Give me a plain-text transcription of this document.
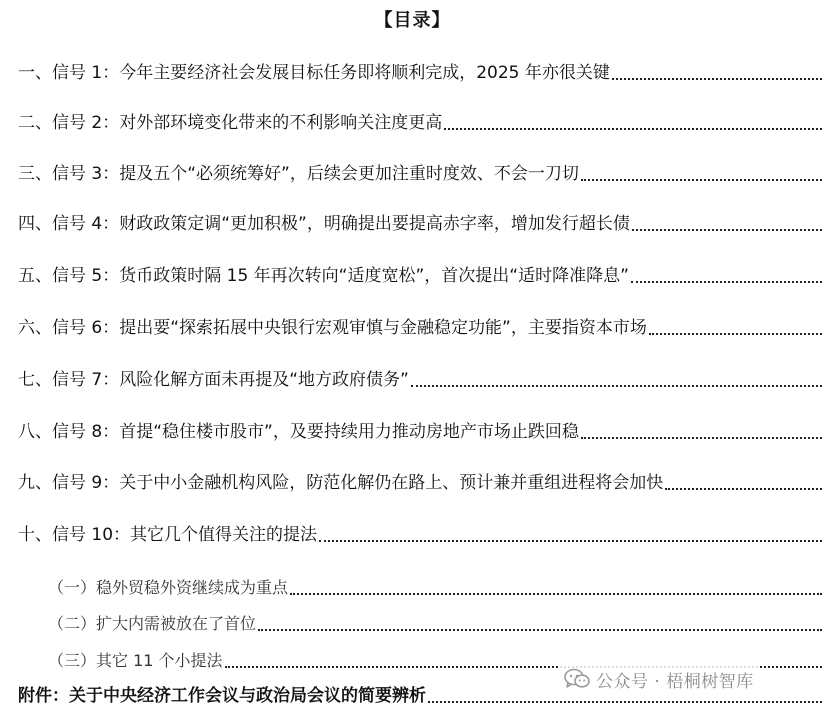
【目录】
一、信号 1：今年主要经济社会发展目标任务即将顺利完成，2025 年亦很关键
二、信号 2：对外部环境变化带来的不利影响关注度更高
三、信号 3：提及五个“必须统筹好”，后续会更加注重时度效、不会一刀切
四、信号 4：财政政策定调“更加积极”，明确提出要提高赤字率，增加发行超长债
五、信号 5：货币政策时隔 15 年再次转向“适度宽松”，首次提出“适时降准降息”
六、信号 6：提出要“探索拓展中央银行宏观审慎与金融稳定功能”，主要指资本市场
七、信号 7：风险化解方面未再提及“地方政府债务”
八、信号 8：首提“稳住楼市股市”，及要持续用力推动房地产市场止跌回稳
九、信号 9：关于中小金融机构风险，防范化解仍在路上、预计兼并重组进程将会加快
十、信号 10：其它几个值得关注的提法
（一）稳外贸稳外资继续成为重点
（二）扩大内需被放在了首位
（三）其它 11 个小提法
附件：关于中央经济工作会议与政治局会议的简要辨析
公众号 · 梧桐树智库
